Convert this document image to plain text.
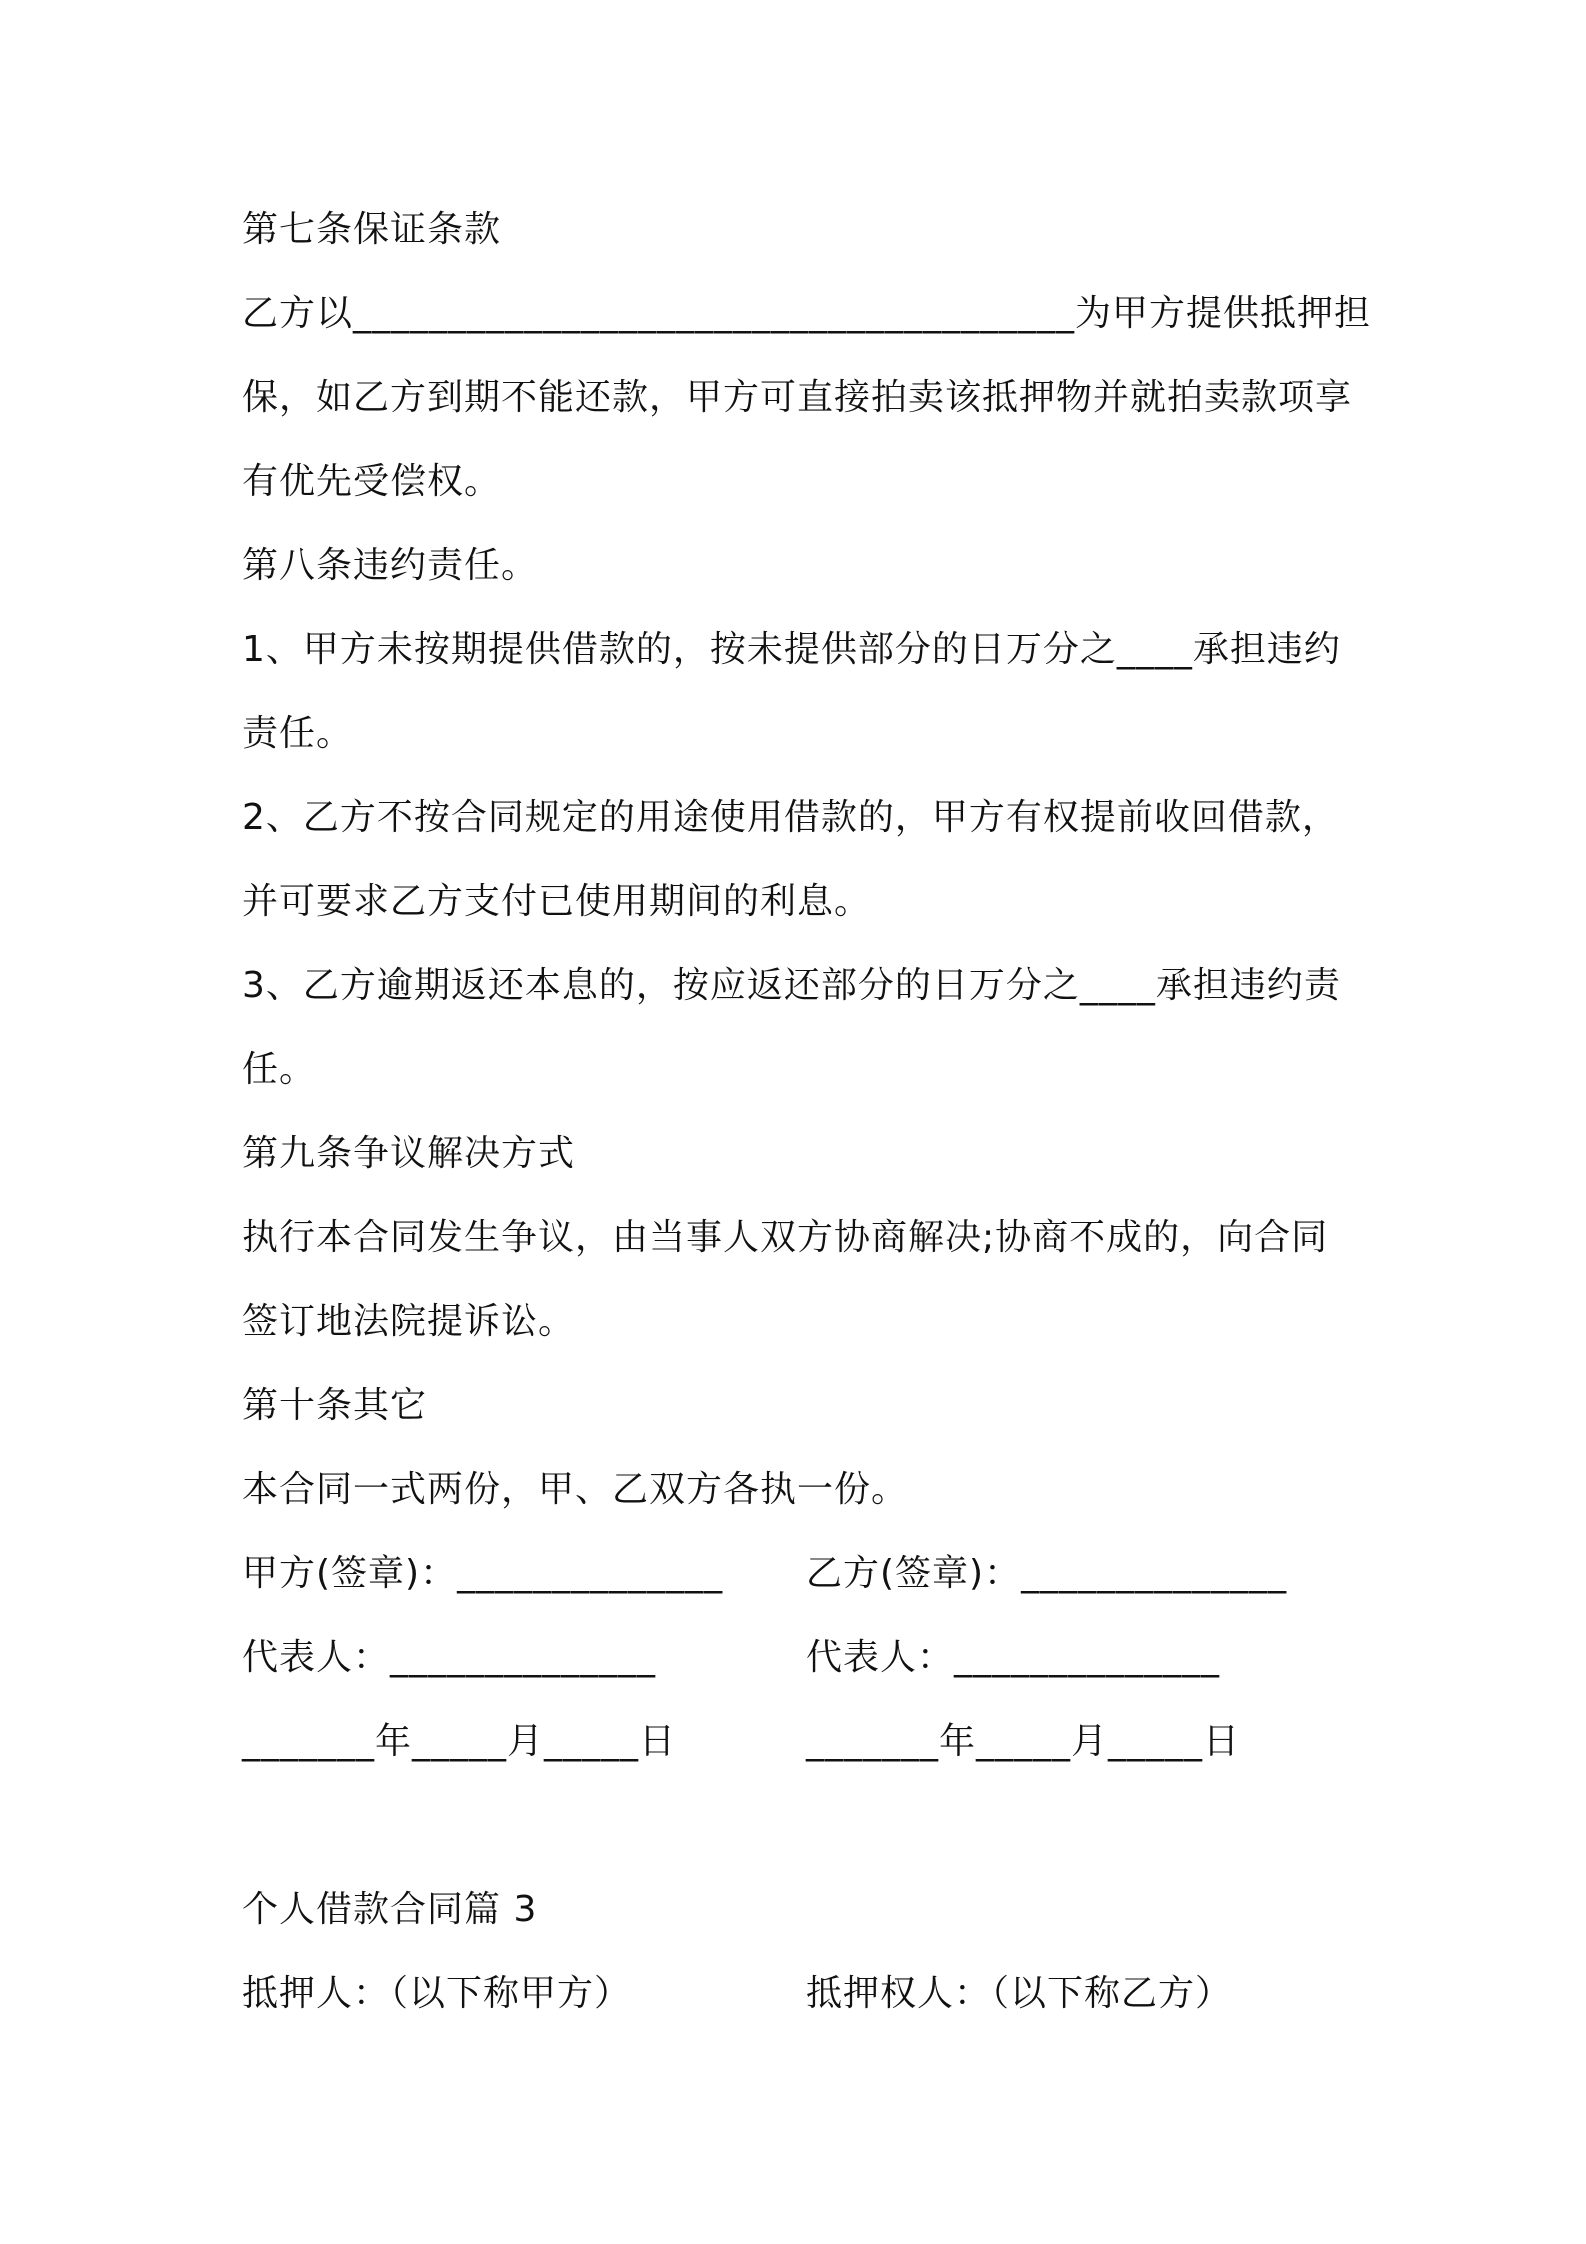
第七条保证条款
乙方以______________________________________为甲方提供抵押担
保，如乙方到期不能还款，甲方可直接拍卖该抵押物并就拍卖款项享
有优先受偿权。
第八条违约责任。
1、甲方未按期提供借款的，按未提供部分的日万分之____承担违约
责任。
2、乙方不按合同规定的用途使用借款的，甲方有权提前收回借款，
并可要求乙方支付已使用期间的利息。
3、乙方逾期返还本息的，按应返还部分的日万分之____承担违约责
任。
第九条争议解决方式
执行本合同发生争议，由当事人双方协商解决;协商不成的，向合同
签订地法院提诉讼。
第十条其它
本合同一式两份，甲、乙双方各执一份。
甲方(签章)：______________ 乙方(签章)：______________
代表人：______________	代表人：______________
_______年_____月_____日	_______年_____月_____日
个人借款合同篇 3
抵押人：（以下称甲方）	抵押权人：（以下称乙方）
